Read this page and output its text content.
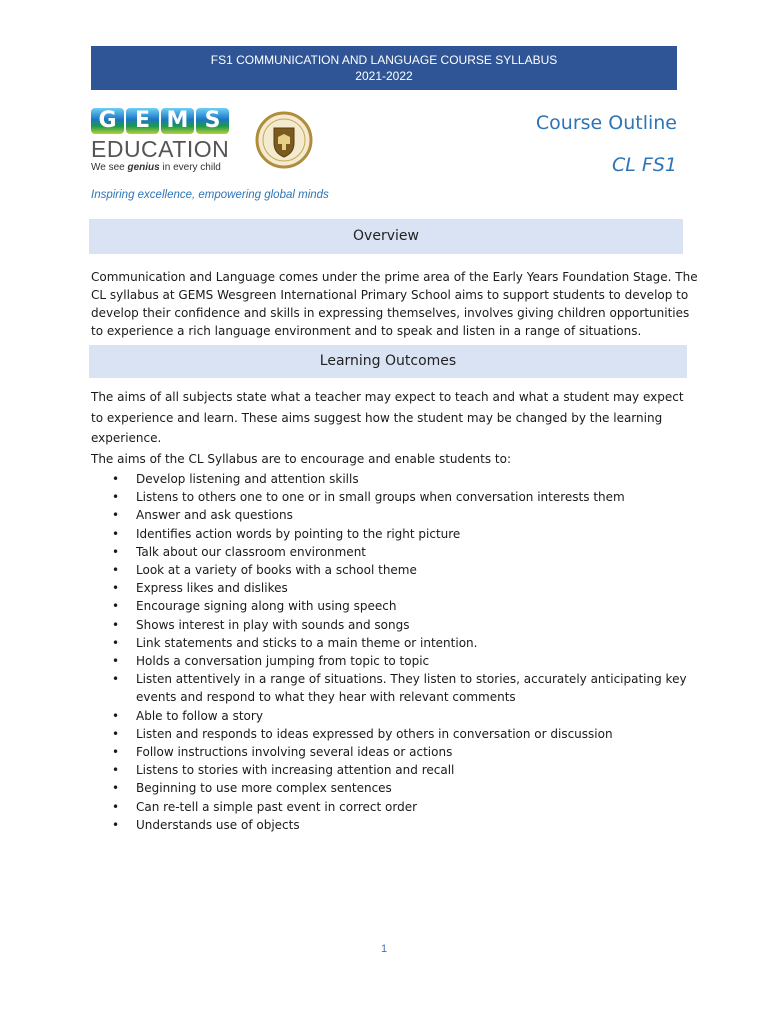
FS1 COMMUNICATION AND LANGUAGE COURSE SYLLABUS
2021-2022
G E M S
EDUCATION
We see genius in every child
Inspiring excellence, empowering global minds
Course Outline
CL FS1
Overview
Communication and Language comes under the prime area of the Early Years Foundation Stage. The
CL syllabus at GEMS Wesgreen International Primary School aims to support students to develop to
develop their confidence and skills in expressing themselves, involves giving children opportunities
to experience a rich language environment and to speak and listen in a range of situations.
Learning Outcomes
The aims of all subjects state what a teacher may expect to teach and what a student may expect
to experience and learn. These aims suggest how the student may be changed by the learning
experience.
The aims of the CL Syllabus are to encourage and enable students to:
• Develop listening and attention skills
• Listens to others one to one or in small groups when conversation interests them
• Answer and ask questions
• Identifies action words by pointing to the right picture
• Talk about our classroom environment
• Look at a variety of books with a school theme
• Express likes and dislikes
• Encourage signing along with using speech
• Shows interest in play with sounds and songs
• Link statements and sticks to a main theme or intention.
• Holds a conversation jumping from topic to topic
• Listen attentively in a range of situations. They listen to stories, accurately anticipating key
events and respond to what they hear with relevant comments
• Able to follow a story
• Listen and responds to ideas expressed by others in conversation or discussion
• Follow instructions involving several ideas or actions
• Listens to stories with increasing attention and recall
• Beginning to use more complex sentences
• Can re-tell a simple past event in correct order
• Understands use of objects
1
